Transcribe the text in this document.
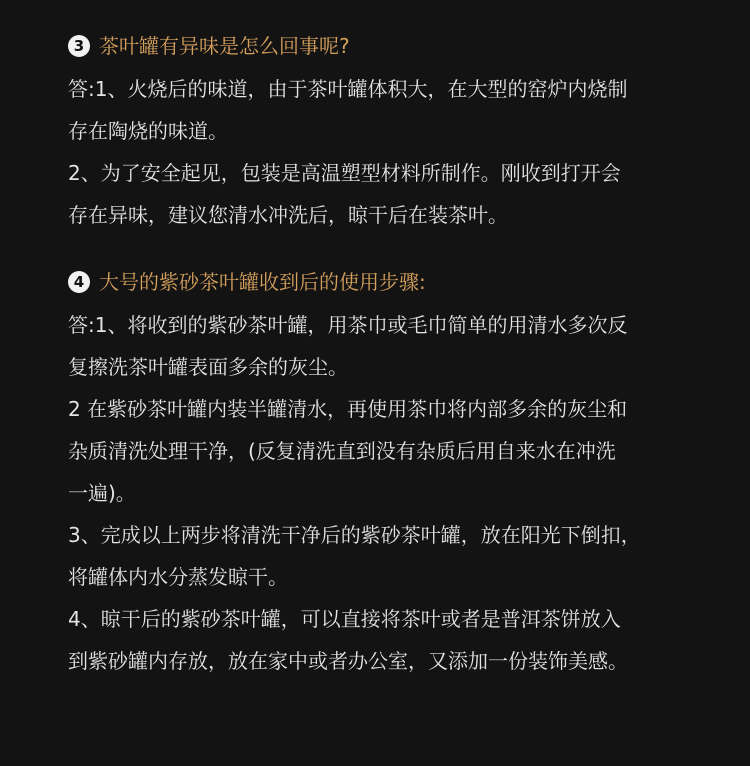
3 茶叶罐有异味是怎么回事呢?

答:1、火烧后的味道，由于茶叶罐体积大，在大型的窑炉内烧制
存在陶烧的味道。

2、为了安全起见，包装是高温塑型材料所制作。刚收到打开会
存在异味，建议您清水冲洗后，晾干后在装茶叶。

4 大号的紫砂茶叶罐收到后的使用步骤:

答:1、将收到的紫砂茶叶罐，用茶巾或毛巾简单的用清水多次反
复擦洗茶叶罐表面多余的灰尘。

2 在紫砂茶叶罐内装半罐清水，再使用茶巾将内部多余的灰尘和
杂质清洗处理干净，(反复清洗直到没有杂质后用自来水在冲洗
一遍)。

3、完成以上两步将清洗干净后的紫砂茶叶罐，放在阳光下倒扣，
将罐体内水分蒸发晾干。

4、晾干后的紫砂茶叶罐，可以直接将茶叶或者是普洱茶饼放入
到紫砂罐内存放，放在家中或者办公室，又添加一份装饰美感。
